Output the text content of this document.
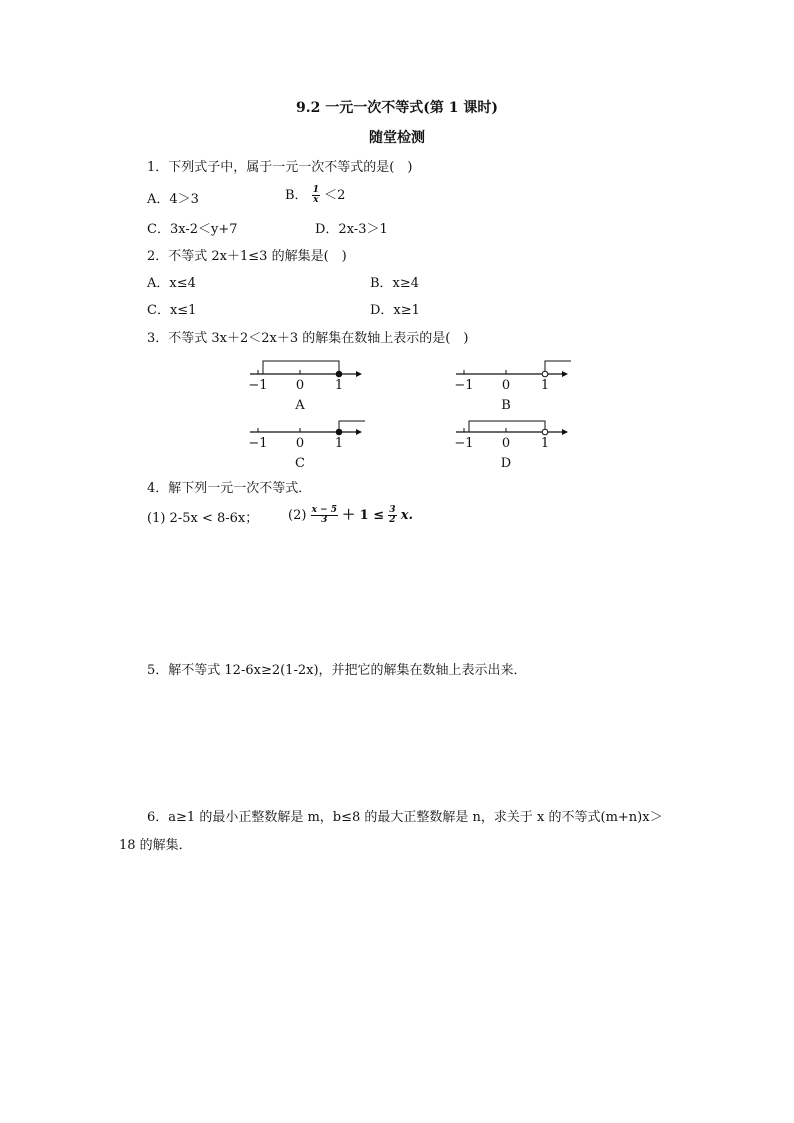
9.2 一元一次不等式(第 1 课时)
随堂检测
1．下列式子中，属于一元一次不等式的是(　)
A．4＞3	B． $\frac{1}{x} <2$
C．3x-2＜y+7	D．2x-3＞1
2．不等式 2x＋1≤3 的解集是(　)
A．x≤4	B．x≥4
C．x≤1	D．x≥1
3．不等式 3x＋2＜2x＋3 的解集在数轴上表示的是(　)
−1 0 1
A
−1 0 1
B
−1 0 1
C
−1 0 1
D
4．解下列一元一次不等式．
(1) 2-5x < 8-6x； $(2) \frac{x - 5}{3} + 1 \le \frac{3}{2} x$.
5．解不等式 12-6x≥2(1-2x)，并把它的解集在数轴上表示出来．
6．a≥1 的最小正整数解是 m，b≤8 的最大正整数解是 n，求关于 x 的不等式(m+n)x＞
18 的解集．
